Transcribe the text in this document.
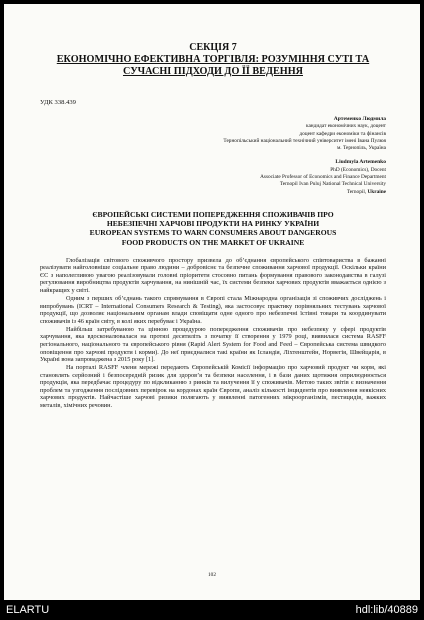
СЕКЦІЯ 7
ЕКОНОМІЧНО ЕФЕКТИВНА ТОРГІВЛЯ: РОЗУМІННЯ СУТІ ТА
СУЧАСНІ ПІДХОДИ ДО ЇЇ ВЕДЕННЯ
УДК 338.439
Артеменко Людмила
кандидат економічних наук, доцент
доцент кафедри економіки та фінансів
Тернопільський національний технічний університет імені Івана Пулюя
м. Тернопіль, Україна
Liudmyla Artemenko
PhD (Economics), Docent
Associate Professor of Economics and Finance Department
Ternopil Ivan Puluj National Technical University
Ternopil, Ukraine
ЄВРОПЕЙСЬКІ СИСТЕМИ ПОПЕРЕДЖЕННЯ СПОЖИВАЧІВ ПРО
НЕБЕЗПЕЧНІ ХАРЧОВІ ПРОДУКТИ НА РИНКУ УКРАЇНИ
EUROPEAN SYSTEMS TO WARN CONSUMERS ABOUT DANGEROUS
FOOD PRODUCTS ON THE MARKET OF UKRAINE

Глобалізація світового споживчого простору призвела до об’єднання європейського співтовариства в бажанні реалізувати найголовніше соціальне право людини – добровіснє та безпечне споживання харчової продукції. Оскільки країни ЄС з наполегливою увагою реалізовували головні пріоритети стосовно питань формування правового законодавства в галузі регулювання виробництва продуктів харчування, на нинішній час, їх системи безпеки харчових продуктів вважається однією з найкращих у світі.

Одним з перших об’єднань такого спрямування в Європі стала Міжнародна організація зі споживчих досліджень і випробувань (ICRT – International Consumers Research & Testing), яка застосовує практику порівняльних тестувань харчової продукції, що дозволяє національним органам влади сповіщати одне одного про небезпечні їстівні товари та координувати споживачів із 46 країн світу, в колі яких перебуває і Україна.

Найбільш затребуваною та цінною процедурою попередження споживачів про небезпеку у сфері продуктів харчування, яка вдосконалювалася на протязі десятиліть з початку її створення у 1979 році, виявилася система RASFF регіонального, національного та європейського рівня (Rapid Alert System for Food and Feed – Європейська система швидкого оповіщення про харчові продукти і корми). До неї приєдналися такі країни як Ісландія, Ліхтенштейн, Норвегія, Швейцарія, в Україні вона запроваджена з 2015 року [1].

На порталі RASFF члени мережі передають Європейській Комісії інформацію про харчовий продукт чи корм, які становлять серйозний і безпосередній ризик для здоров’я та безпеки населення, і в бази даних щотижня оприлюднюється продукція, яка передбачає процедуру по відкликанню з ринків та вилучення її у споживачів. Метою таких звітів є визначення проблем та узгодження послідовних перевірок на кордонах країн Європи, аналіз кількості інцидентів про виявлення неякісних харчових продуктів. Найчастіше харчові ризики полягають у виявленні патогенних мікроорганізмів, пестицидів, важких металів, хімічних речовин.

102
ELARTU	hdl:lib/40889
